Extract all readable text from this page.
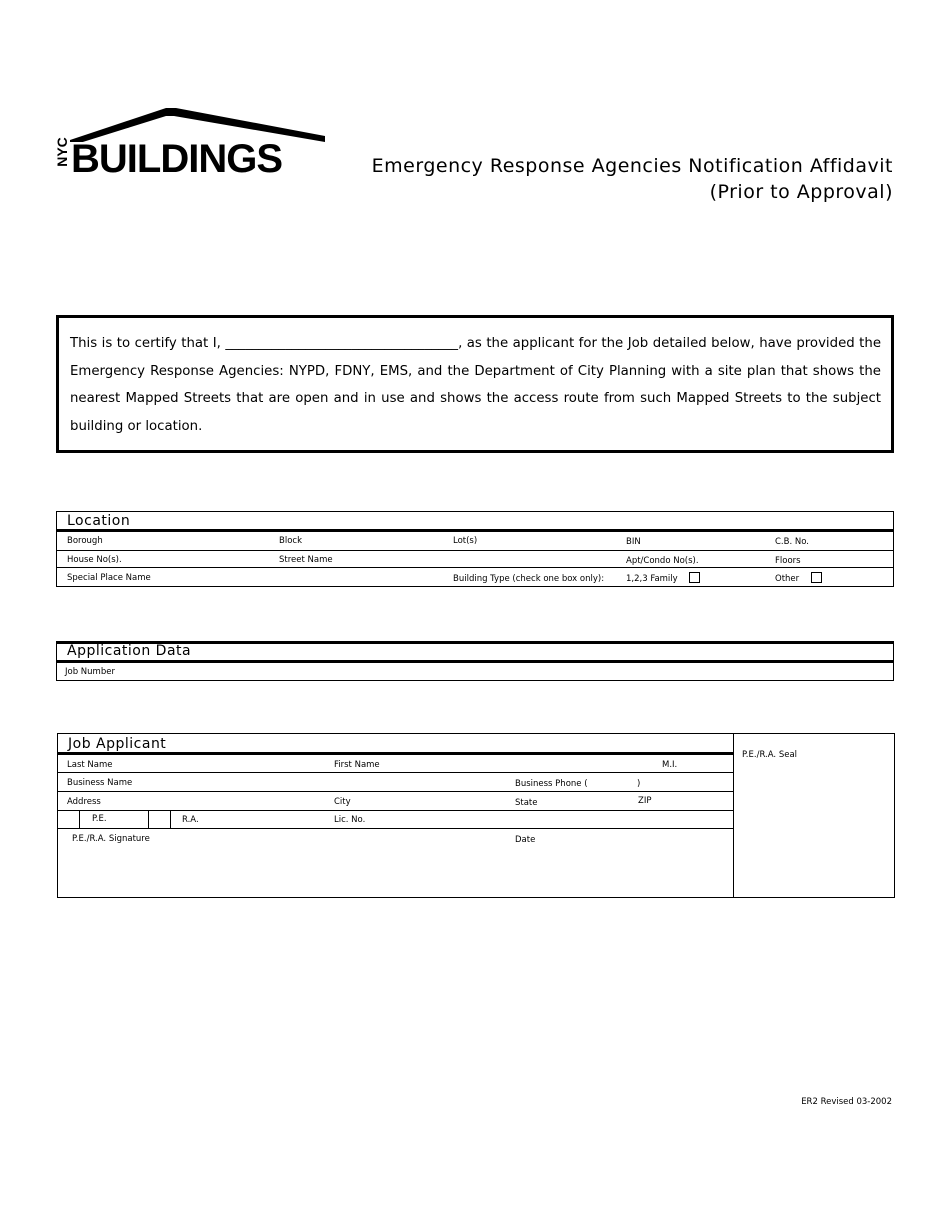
NYC BUILDINGS	Emergency Response Agencies Notification Affidavit
(Prior to Approval)

This is to certify that I, ___________________________________, as the applicant for the Job detailed below, have provided the Emergency Response Agencies: NYPD, FDNY, EMS, and the Department of City Planning with a site plan that shows the nearest Mapped Streets that are open and in use and shows the access route from such Mapped Streets to the subject building or location.

Location
Borough	Block	Lot(s)	BIN	C.B. No.
House No(s).	Street Name	Apt/Condo No(s).	Floors
Special Place Name	Building Type (check one box only):	1,2,3 Family	Other
Application Data
Job Number
Job Applicant
Last Name	First Name	M.I.
Business Name	Business Phone (	)
Address	City	State	ZIP
P.E.	R.A.	Lic. No.
P.E./R.A. Signature	Date
P.E./R.A. Seal
ER2 Revised 03-2002
